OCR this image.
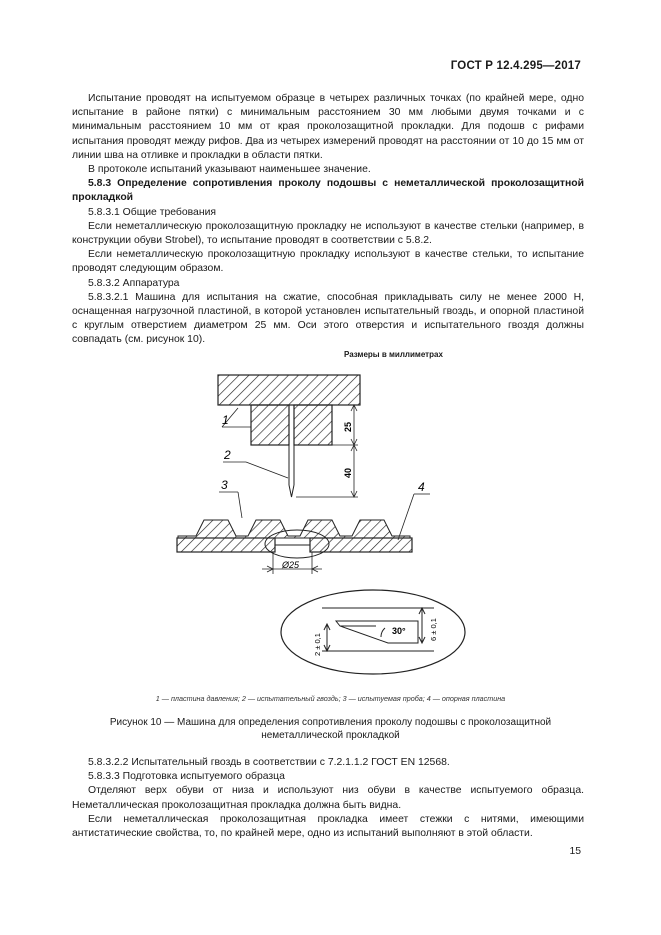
ГОСТ Р 12.4.295—2017

Испытание проводят на испытуемом образце в четырех различных точках (по крайней мере, одно испытание в районе пятки) с минимальным расстоянием 30 мм любыми двумя точками и с минимальным расстоянием 10 мм от края проколозащитной прокладки. Для подошв с рифами испытания проводят между рифов. Два из четырех измерений проводят на расстоянии от 10 до 15 мм от линии шва на отливке и прокладки в области пятки.

В протоколе испытаний указывают наименьшее значение.

5.8.3 Определение сопротивления проколу подошвы с неметаллической проколозащитной прокладкой

5.8.3.1 Общие требования

Если неметаллическую проколозащитную прокладку не используют в качестве стельки (например, в конструкции обуви Strobel), то испытание проводят в соответствии с 5.8.2.

Если неметаллическую проколозащитную прокладку используют в качестве стельки, то испытание проводят следующим образом.

5.8.3.2 Аппаратура

5.8.3.2.1 Машина для испытания на сжатие, способная прикладывать силу не менее 2000 Н, оснащенная нагрузочной пластиной, в которой установлен испытательный гвоздь, и опорной пластиной с круглым отверстием диаметром 25 мм. Оси этого отверстия и испытательного гвоздя должны совпадать (см. рисунок 10).

Размеры в миллиметрах
25
40
1
2
3	4
Ø25
30°	6 ± 0,1
2 ± 0,1
1 — пластина давления; 2 — испытательный гвоздь; 3 — испытуемая проба; 4 — опорная пластина
Рисунок 10 — Машина для определения сопротивления проколу подошвы с проколозащитной
неметаллической прокладкой

5.8.3.2.2 Испытательный гвоздь в соответствии с 7.2.1.1.2 ГОСТ EN 12568.

5.8.3.3 Подготовка испытуемого образца

Отделяют верх обуви от низа и используют низ обуви в качестве испытуемого образца. Неметаллическая проколозащитная прокладка должна быть видна.

Если неметаллическая проколозащитная прокладка имеет стежки с нитями, имеющими антистатические свойства, то, по крайней мере, одно из испытаний выполняют в этой области.

15
